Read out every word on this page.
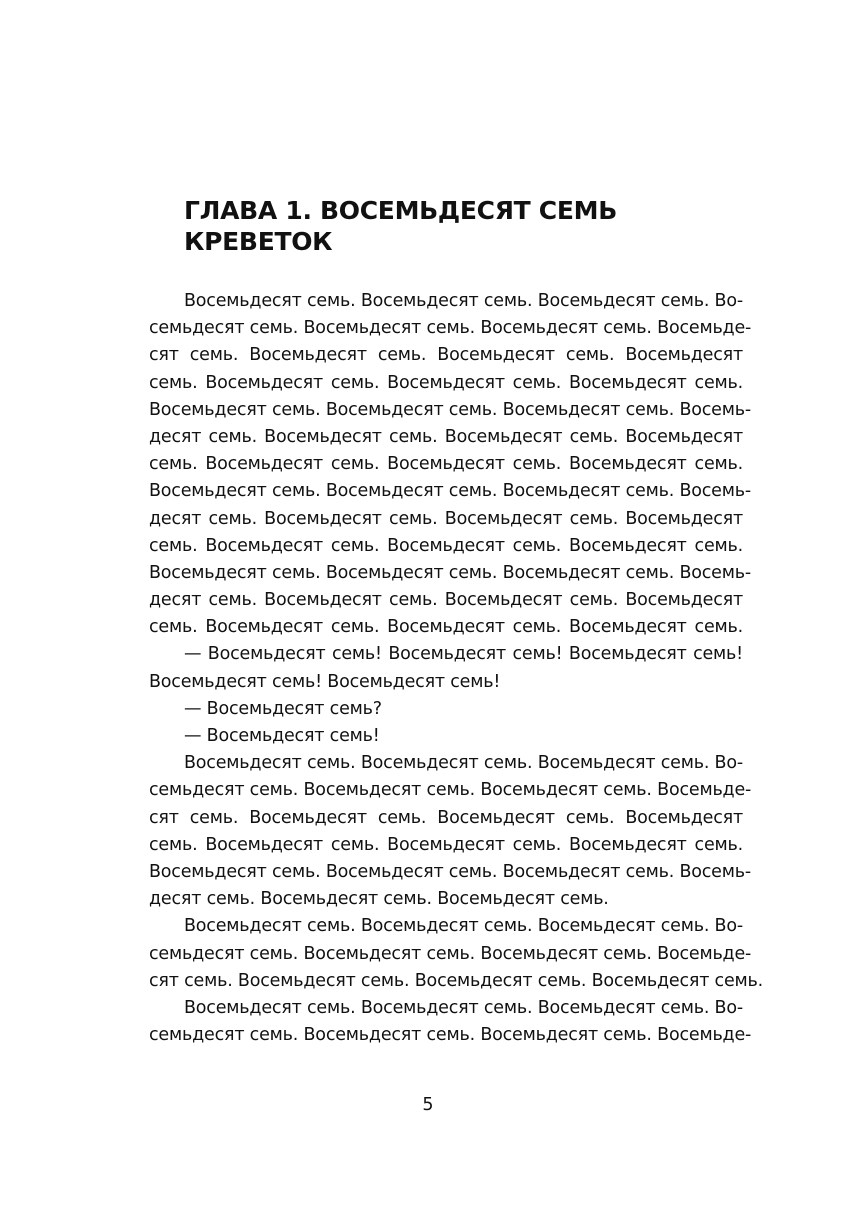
ГЛАВА 1. ВОСЕМЬДЕСЯТ СЕМЬ
КРЕВЕТОК
Восемьдесят семь. Восемьдесят семь. Восемьдесят семь. Во-
семьдесят семь. Восемьдесят семь. Восемьдесят семь. Восемьде-
сят семь. Восемьдесят семь. Восемьдесят семь. Восемьдесят
семь. Восемьдесят семь. Восемьдесят семь. Восемьдесят семь.
Восемьдесят семь. Восемьдесят семь. Восемьдесят семь. Восемь-
десят семь. Восемьдесят семь. Восемьдесят семь. Восемьдесят
семь. Восемьдесят семь. Восемьдесят семь. Восемьдесят семь.
Восемьдесят семь. Восемьдесят семь. Восемьдесят семь. Восемь-
десят семь. Восемьдесят семь. Восемьдесят семь. Восемьдесят
семь. Восемьдесят семь. Восемьдесят семь. Восемьдесят семь.
Восемьдесят семь. Восемьдесят семь. Восемьдесят семь. Восемь-
десят семь. Восемьдесят семь. Восемьдесят семь. Восемьдесят
семь. Восемьдесят семь. Восемьдесят семь. Восемьдесят семь.
— Восемьдесят семь! Восемьдесят семь! Восемьдесят семь!
Восемьдесят семь! Восемьдесят семь!
— Восемьдесят семь?
— Восемьдесят семь!
Восемьдесят семь. Восемьдесят семь. Восемьдесят семь. Во-
семьдесят семь. Восемьдесят семь. Восемьдесят семь. Восемьде-
сят семь. Восемьдесят семь. Восемьдесят семь. Восемьдесят
семь. Восемьдесят семь. Восемьдесят семь. Восемьдесят семь.
Восемьдесят семь. Восемьдесят семь. Восемьдесят семь. Восемь-
десят семь. Восемьдесят семь. Восемьдесят семь.
Восемьдесят семь. Восемьдесят семь. Восемьдесят семь. Во-
семьдесят семь. Восемьдесят семь. Восемьдесят семь. Восемьде-
сят семь. Восемьдесят семь. Восемьдесят семь. Восемьдесят семь.
Восемьдесят семь. Восемьдесят семь. Восемьдесят семь. Во-
семьдесят семь. Восемьдесят семь. Восемьдесят семь. Восемьде-
5
